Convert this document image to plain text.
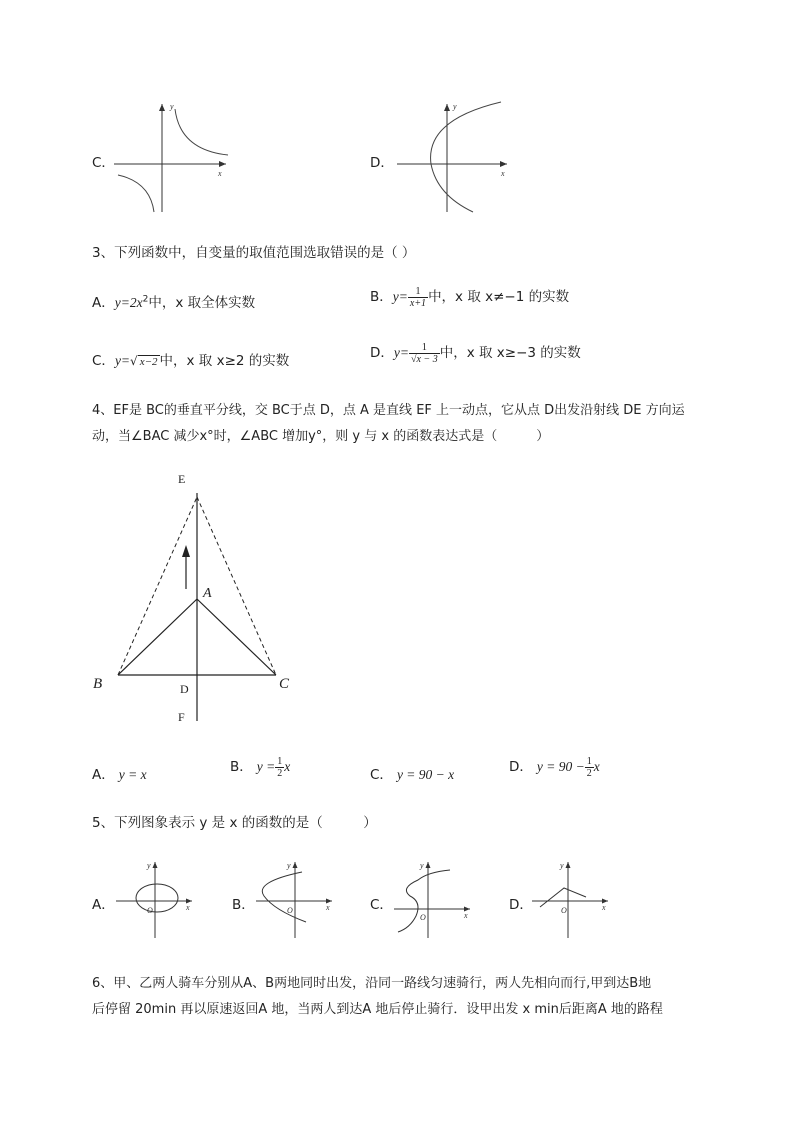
C．
y
x
D．
y
x
3、下列函数中，自变量的取值范围选取错误的是（ ）
A．$y=2x^2$中，x 取全体实数	B．$y= \frac{1}{x+1}$ 中，x 取 x≠−1 的实数
C．y=√ x−2 中，x 取 x≥2 的实数	D．$y= \frac{1}{√x - 3}$ 中，x 取 x≥−3 的实数
4、EF是 BC的垂直平分线，交 BC于点 D，点 A 是直线 EF 上一动点，它从点 D出发沿射线 DE 方向运
动，当∠BAC 减少x°时，∠ABC 增加y°，则 y 与 x 的函数表达式是（　　　）
E
A
B	C
D
F
A． y = x	B． $y = \frac{1}{2}$ x
C． y = 90 − x	D． $y = 90 - \frac{1}{2}$ x
5、下列图象表示 y 是 x 的函数的是（　　　）
A．
y
x
O	B．
y
x
O	C．
y
x
O
D．
y
x
O
6、甲、乙两人骑车分别从A、B两地同时出发，沿同一路线匀速骑行，两人先相向而行,甲到达B地
后停留 20min 再以原速返回A 地，当两人到达A 地后停止骑行．设甲出发 x min后距离A 地的路程
